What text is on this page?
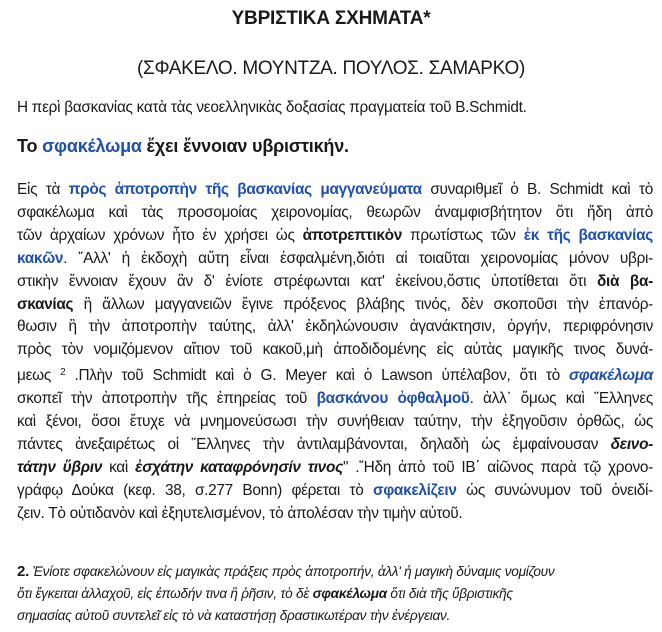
ΥΒΡΙΣΤΙΚΑ ΣΧΗΜΑΤΑ*
(ΣΦΑΚΕΛΟ. ΜΟΥΝΤΖΑ. ΠΟΥΛΟΣ. ΣΑΜΑΡΚΟ)
Η περὶ βασκανίας κατὰ τὰς νεοελληνικὰς δοξασίας πραγματεία τοῦ B.Schmidt.
Το σφακέλωμα ἔχει ἔννοιαν υβριστικήν.
Εἰς τὰ πρὸς ἀποτροπὴν τῆς βασκανίας μαγγανεύματα συναριθμεῖ ὁ B. Schmidt καὶ τὸ
σφακέλωμα καὶ τὰς προσομοίας χειρονομίας, θεωρῶν ἀναμφισβήτητον ὅτι ἤδη ἀπὸ
τῶν ἀρχαίων χρόνων ἦτο ἐν χρήσει ὡς ἀποτρεπτικὸν πρωτίστως τῶν ἐκ τῆς βασκανίας
κακῶν. ῎Αλλ' ἡ ἐκδοχὴ αὔτη εἶναι ἐσφαλμένη,διότι αἱ τοιαῦται χειρονομίας μόνον υβρι-
στικὴν ἔννοιαν ἔχουν ἂν δ' ἐνίοτε στρέφωνται κατ' ἐκείνου,ὅστις ὑποτίθεται ὅτι διὰ βα-
σκανίας ἢ ἄλλων μαγγανειῶν ἔγινε πρόξενος βλάβης τινός, δὲν σκοποῦσι τὴν ἐπανόρ-
θωσιν ἢ τὴν ἀποτροπὴν ταύτης, ἀλλ' ἐκδηλώνουσιν ἀγανάκτησιν, ὀργήν, περιφρόνησιν
πρὸς τὸν νομιζόμενον αἴτιον τοῦ κακοῦ,μὴ ἀποδιδομένης εἰς αὐτὰς μαγικῆς τινος δυνά-
μεως $^2$ .Πλὴν τοῦ Schmidt καὶ ὁ G. Meyer καὶ ὁ Lawson ὑπέλαβον, ὅτι τὸ σφακέλωμα
σκοπεῖ τὴν ἀποτροπὴν τῆς ἐπηρείας τοῦ βασκάνου ὀφθαλμοῦ. ἀλλ᾽ ὅμως καὶ ῞Ελληνες
καὶ ξένοι, ὅσοι ἔτυχε νὰ μνημονεύσωσι τὴν συνήθειαν ταύτην, τὴν ἐξηγοῦσιν ὀρθῶς, ὡς
πάντες ἀνεξαιρέτως οἱ ῞Ελληνες τὴν ἀντιλαμβάνονται, δηλαδὴ ὡς ἐμφαίνουσαν δεινο-
τάτην ὕβριν καὶ ἐσχάτην καταφρόνησίν τινος" .Ἤδη ἀπὸ τοῦ ΙΒ΄ αἰῶνος παρὰ τῷ χρονο-
γράφῳ Δούκα (κεφ. 38, σ.277 Bonn) φέρεται τὸ σφακελίζειν ὡς συνώνυμον τοῦ ὀνειδί-
ζειν. Τὸ οὐτιδανὸν καὶ ἐξηυτελισμένον, τὸ ἀπολέσαν τὴν τιμὴν αὐτοῦ.
2. Ἐνίοτε σφακελώνουν εἰς μαγικὰς πράξεις πρὸς ἀποτροπήν, ἀλλ' ἡ μαγικὴ δύναμις νομίζουν
ὅτι ἔγκειται ἀλλαχοῦ, εἰς ἐπωδήν τινα ἢ ῥῆσιν, τὸ δὲ σφακέλωμα ὅτι διὰ τῆς ὕβριστικῆς
σημασίας αὐτοῦ συντελεῖ εἰς τὸ νὰ καταστήσῃ δραστικωτέραν τὴν ἐνέργειαν.
